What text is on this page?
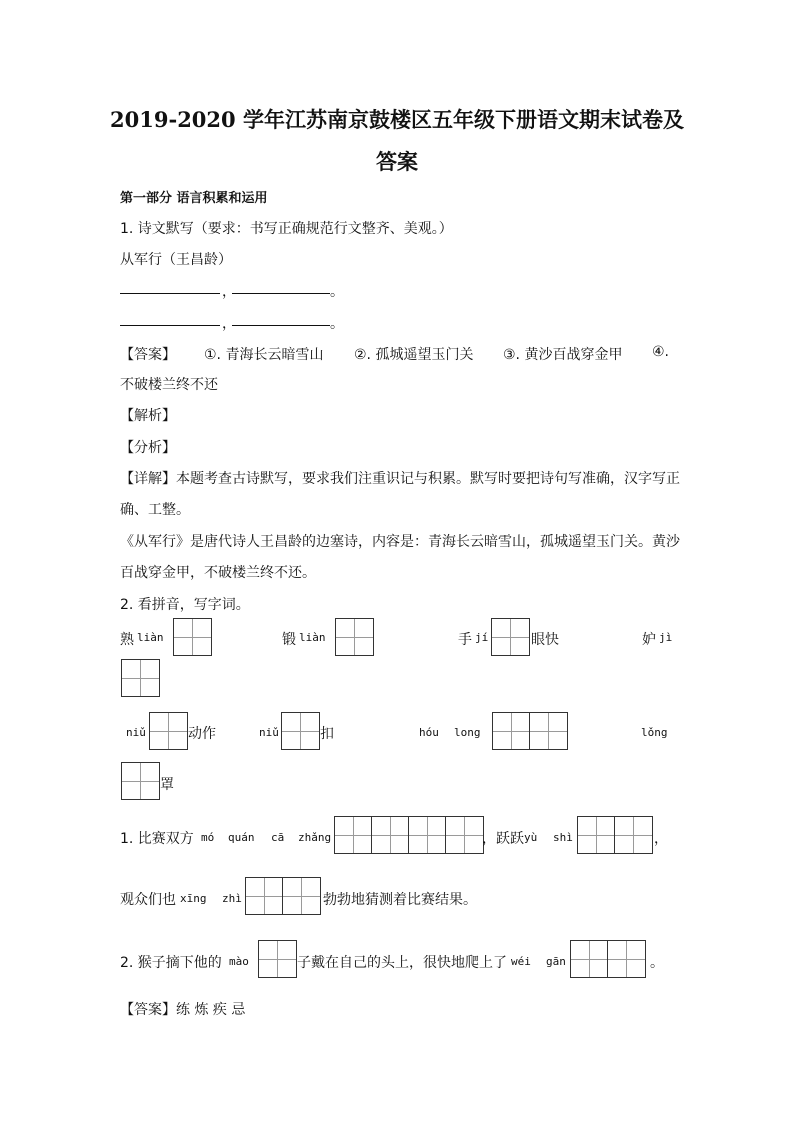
2019-2020 学年江苏南京鼓楼区五年级下册语文期末试卷及
答案
第一部分 语言积累和运用
1. 诗文默写（要求：书写正确规范行文整齐、美观。）
从军行（王昌龄）
，	。
，	。
【答案】 ①. 青海长云暗雪山 ②. 孤城遥望玉门关 ③. 黄沙百战穿金甲 ④.
不破楼兰终不还
【解析】
【分析】
【详解】本题考查古诗默写，要求我们注重识记与积累。默写时要把诗句写准确，汉字写正
确、工整。
《从军行》是唐代诗人王昌龄的边塞诗，内容是：青海长云暗雪山，孤城遥望玉门关。黄沙
百战穿金甲，不破楼兰终不还。
2. 看拼音，写字词。
熟 liàn	锻 liàn	手 jí	眼快	妒 jì
niǔ	动作	niǔ	扣	hóu long	lǒng
罩
1. 比赛双方 mó quán cā zhǎng	，跃跃 yù shì	，
观众们也 xīng zhì	勃勃地猜测着比赛结果。
2. 猴子摘下他的 mào	子戴在自己的头上，很快地爬上了 wéi gān	。
【答案】练 炼 疾 忌
